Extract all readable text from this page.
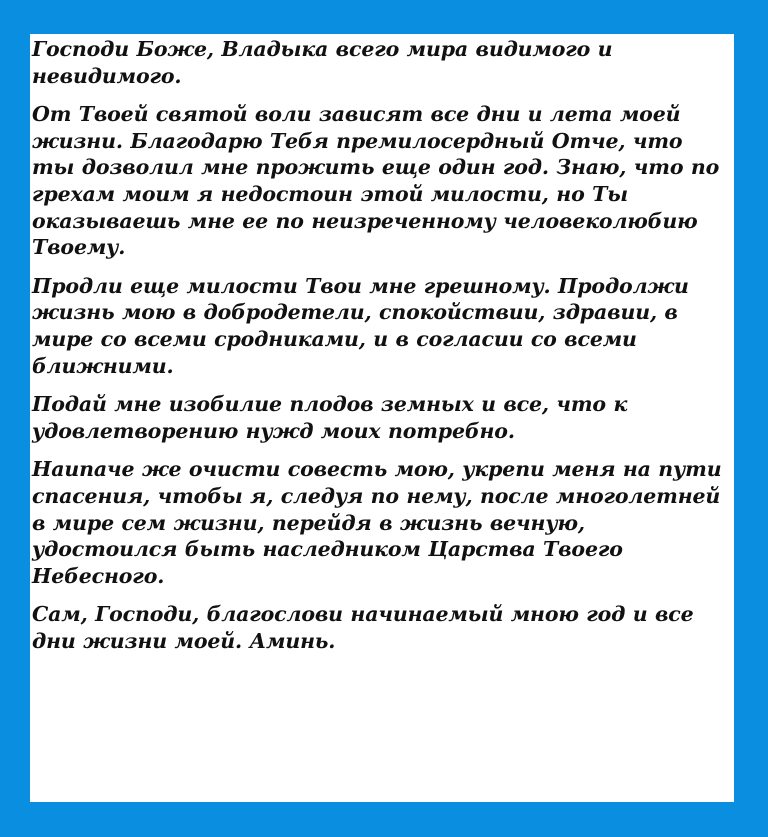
Господи Боже, Владыка всего мира видимого и невидимого.

От Твоей святой воли зависят все дни и лета моей жизни. Благодарю Тебя премилосердный Отче, что ты дозволил мне прожить еще один год. Знаю, что по грехам моим я недостоин этой милости, но Ты оказываешь мне ее по неизреченному человеколюбию Твоему.

Продли еще милости Твои мне грешному. Продолжи жизнь мою в добродетели, спокойствии, здравии, в мире со всеми сродниками, и в согласии со всеми ближними.

Подай мне изобилие плодов земных и все, что к удовлетворению нужд моих потребно.

Наипаче же очисти совесть мою, укрепи меня на пути спасения, чтобы я, следуя по нему, после многолетней в мире сем жизни, перейдя в жизнь вечную, удостоился быть наследником Царства Твоего Небесного.

Сам, Господи, благослови начинаемый мною год и все дни жизни моей. Аминь.
